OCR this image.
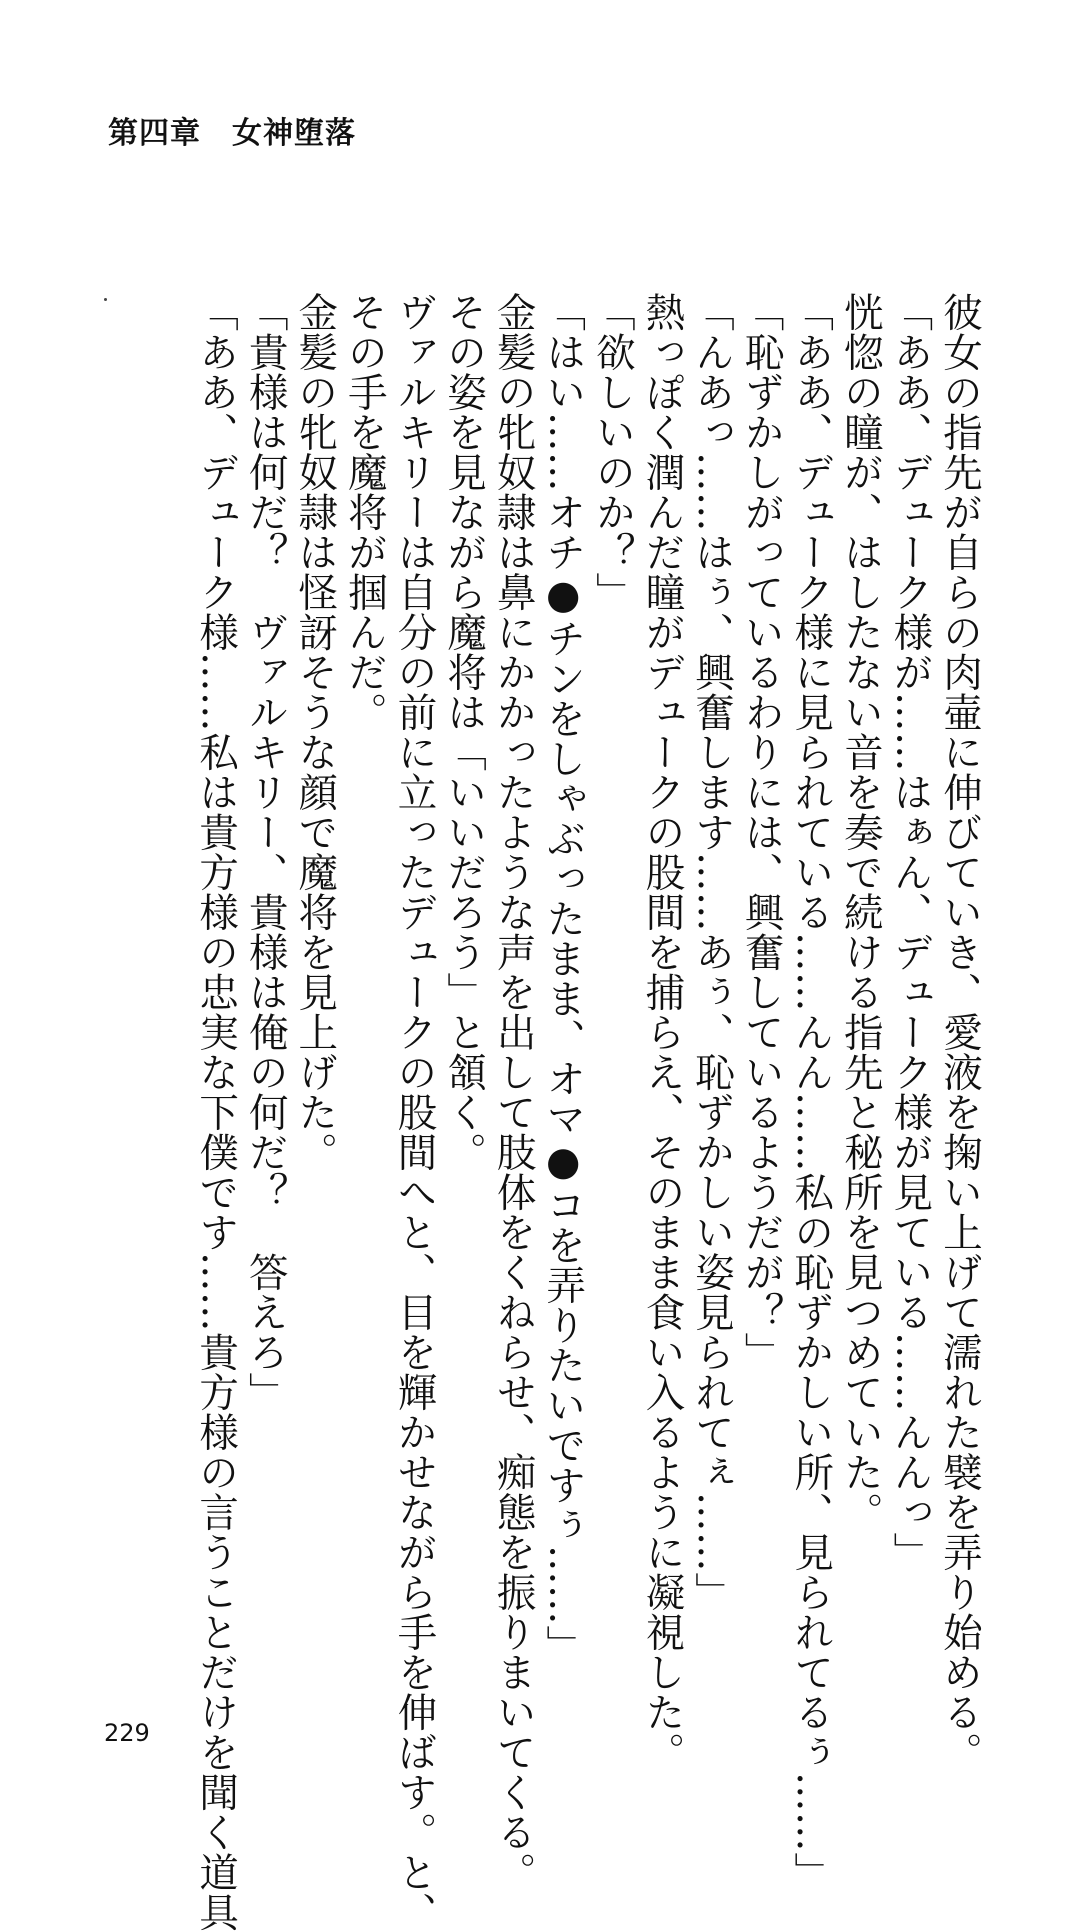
第四章　女神堕落
彼女の指先が自らの肉壷に伸びていき、愛液を掬い上げて濡れた襞を弄り始める。
「ああ、デューク様が……はぁん、デューク様が見ている……んんっ」
恍惚の瞳が、はしたない音を奏で続ける指先と秘所を見つめていた。
「ああ、デューク様に見られている……んん……私の恥ずかしい所、見られてるぅ……」
「恥ずかしがっているわりには、興奮しているようだが？」
「んあっ……はぅ、興奮します……あぅ、恥ずかしい姿見られてぇ……」
熱っぽく潤んだ瞳がデュークの股間を捕らえ、そのまま食い入るように凝視した。
「欲しいのか？」
「はい……オチ●チンをしゃぶったまま、オマ●コを弄りたいですぅ……」
金髪の牝奴隷は鼻にかかったような声を出して肢体をくねらせ、痴態を振りまいてくる。
その姿を見ながら魔将は「いいだろう」と頷く。
ヴァルキリーは自分の前に立ったデュークの股間へと、目を輝かせながら手を伸ばす。と、
その手を魔将が掴んだ。
金髪の牝奴隷は怪訝そうな顔で魔将を見上げた。
「貴様は何だ？　ヴァルキリー、貴様は俺の何だ？　答えろ」
「ああ、デューク様……私は貴方様の忠実な下僕です……貴方様の言うことだけを聞く道具
229
